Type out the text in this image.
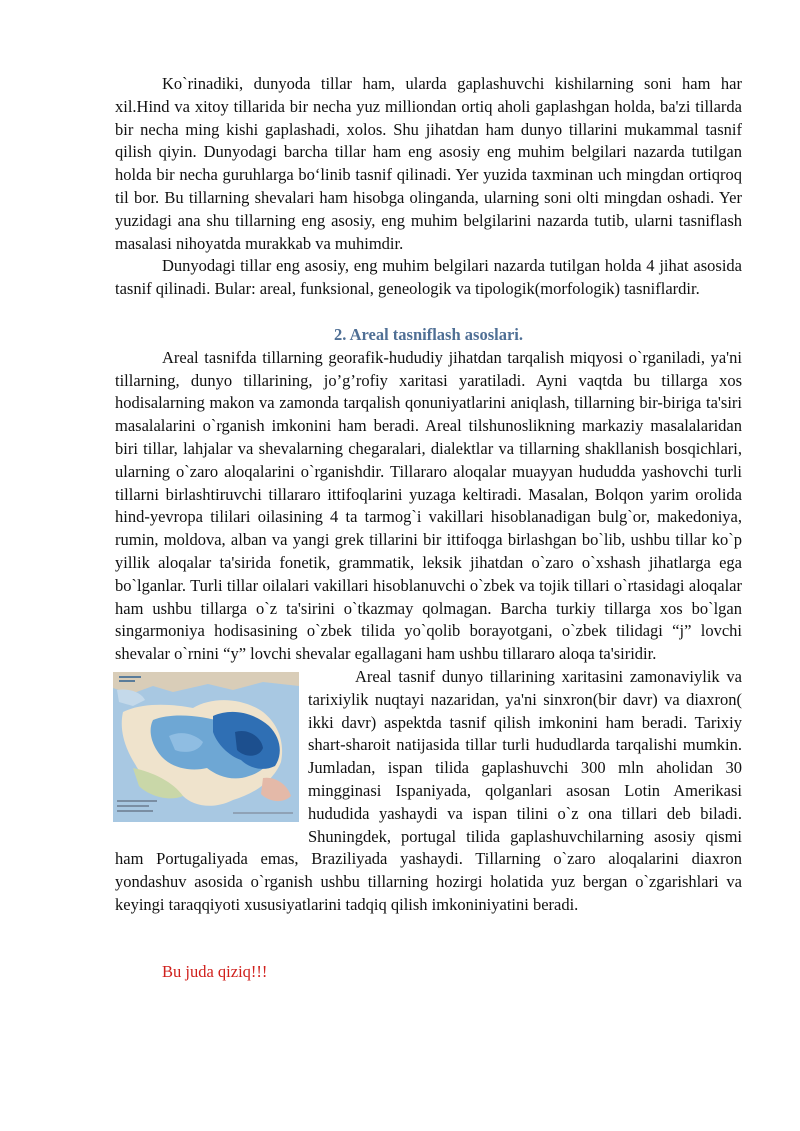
Ko`rinadiki, dunyoda tillar ham, ularda gaplashuvchi kishilarning soni ham har xil.Hind va xitoy tillarida bir necha yuz milliondan ortiq aholi gaplashgan holda, ba'zi tillarda bir necha ming kishi gaplashadi, xolos. Shu jihatdan ham dunyo tillarini mukammal tasnif qilish qiyin. Dunyodagi barcha tillar ham eng asosiy eng muhim belgilari nazarda tutilgan holda bir necha guruhlarga bo‘linib tasnif qilinadi. Yer yuzida taxminan uch mingdan ortiqroq til bor. Bu tillarning shevalari ham hisobga olinganda, ularning soni olti mingdan oshadi. Yer yuzidagi ana shu tillarning eng asosiy, eng muhim belgilarini nazarda tutib, ularni tasniflash masalasi nihoyatda murakkab va muhimdir.

Dunyodagi tillar eng asosiy, eng muhim belgilari nazarda tutilgan holda 4 jihat asosida tasnif qilinadi. Bular: areal, funksional, geneologik va tipologik(morfologik) tasniflardir.

2. Areal tasniflash asoslari.

Areal tasnifda tillarning georafik-hududiy jihatdan tarqalish miqyosi o`rganiladi, ya'ni tillarning, dunyo tillarining, jo’g’rofiy xaritasi yaratiladi. Ayni vaqtda bu tillarga xos hodisalarning makon va zamonda tarqalish qonuniyatlarini aniqlash, tillarning bir-biriga ta'siri masalalarini o`rganish imkonini ham beradi. Areal tilshunoslikning markaziy masalalaridan biri tillar, lahjalar va shevalarning chegaralari, dialektlar va tillarning shakllanish bosqichlari, ularning o`zaro aloqalarini o`rganishdir. Tillararo aloqalar muayyan hududda yashovchi turli tillarni birlashtiruvchi tillararo ittifoqlarini yuzaga keltiradi. Masalan, Bolqon yarim orolida hind-yevropa tililari oilasining 4 ta tarmog`i vakillari hisoblanadigan bulg`or, makedoniya, rumin, moldova, alban va yangi grek tillarini bir ittifoqga birlashgan bo`lib, ushbu tillar ko`p yillik aloqalar ta'sirida fonetik, grammatik, leksik jihatdan o`zaro o`xshash jihatlarga ega bo`lganlar. Turli tillar oilalari vakillari hisoblanuvchi o`zbek va tojik tillari o`rtasidagi aloqalar ham ushbu tillarga o`z ta'sirini o`tkazmay qolmagan. Barcha turkiy tillarga xos bo`lgan singarmoniya hodisasining o`zbek tilida yo`qolib borayotgani, o`zbek tilidagi “j” lovchi shevalar o`rnini “y” lovchi shevalar egallagani ham ushbu tillararo aloqa ta'siridir.

Areal tasnif dunyo tillarining xaritasini zamonaviylik va tarixiylik nuqtayi nazaridan, ya'ni sinxron(bir davr) va diaxron( ikki davr) aspektda tasnif qilish imkonini ham beradi. Tarixiy shart-sharoit natijasida tillar turli hududlarda tarqalishi mumkin. Jumladan, ispan tilida gaplashuvchi 300 mln aholidan 30 mingginasi Ispaniyada, qolganlari asosan Lotin Amerikasi hududida yashaydi va ispan tilini o`z ona tillari deb biladi. Shuningdek, portugal tilida gaplashuvchilarning asosiy qismi ham Portugaliyada emas, Braziliyada yashaydi. Tillarning o`zaro aloqalarini diaxron yondashuv asosida o`rganish ushbu tillarning hozirgi holatida yuz bergan o`zgarishlari va keyingi taraqqiyoti xususiyatlarini tadqiq qilish imkoniniyatini beradi.

Bu juda qiziq!!!
